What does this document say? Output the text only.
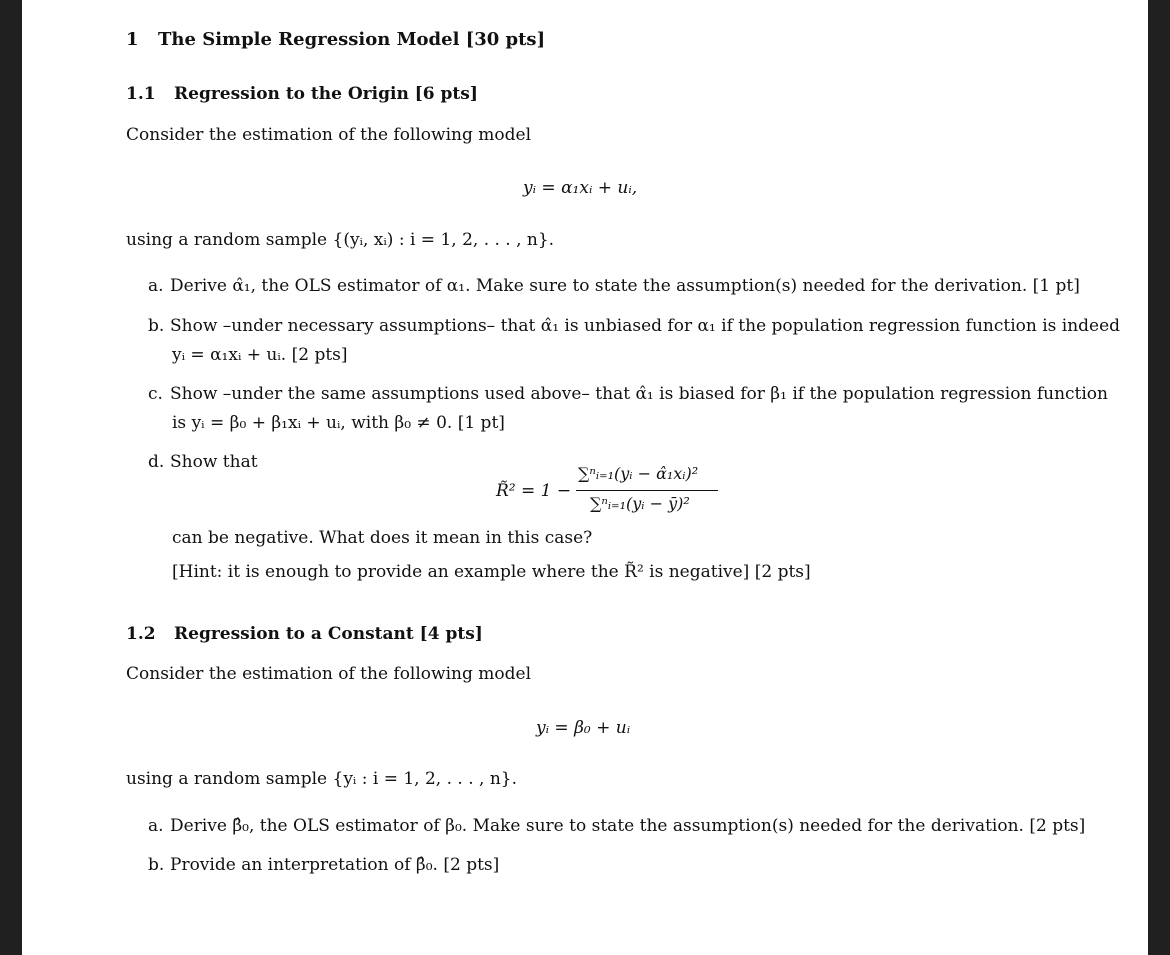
1 The Simple Regression Model [30 pts]
1.1 Regression to the Origin [6 pts]
Consider the estimation of the following model
yᵢ = α₁xᵢ + uᵢ,
using a random sample {(yᵢ, xᵢ) : i = 1, 2, . . . , n}.
a. Derive α̂₁, the OLS estimator of α₁. Make sure to state the assumption(s) needed for the derivation. [1 pt]
b. Show –under necessary assumptions– that α̂₁ is unbiased for α₁ if the population regression function is indeed
yᵢ = α₁xᵢ + uᵢ. [2 pts]
c. Show –under the same assumptions used above– that α̂₁ is biased for β₁ if the population regression function
is yᵢ = β₀ + β₁xᵢ + uᵢ, with β₀ ≠ 0. [1 pt]
d. Show that
R̃² = 1 −
∑ⁿᵢ₌₁(yᵢ − α̂₁xᵢ)²
∑ⁿᵢ₌₁(yᵢ − ȳ)²
can be negative. What does it mean in this case?
[Hint: it is enough to provide an example where the R̃² is negative] [2 pts]
1.2 Regression to a Constant [4 pts]
Consider the estimation of the following model
yᵢ = β₀ + uᵢ
using a random sample {yᵢ : i = 1, 2, . . . , n}.
a. Derive β̂₀, the OLS estimator of β₀. Make sure to state the assumption(s) needed for the derivation. [2 pts]
b. Provide an interpretation of β̂₀. [2 pts]
